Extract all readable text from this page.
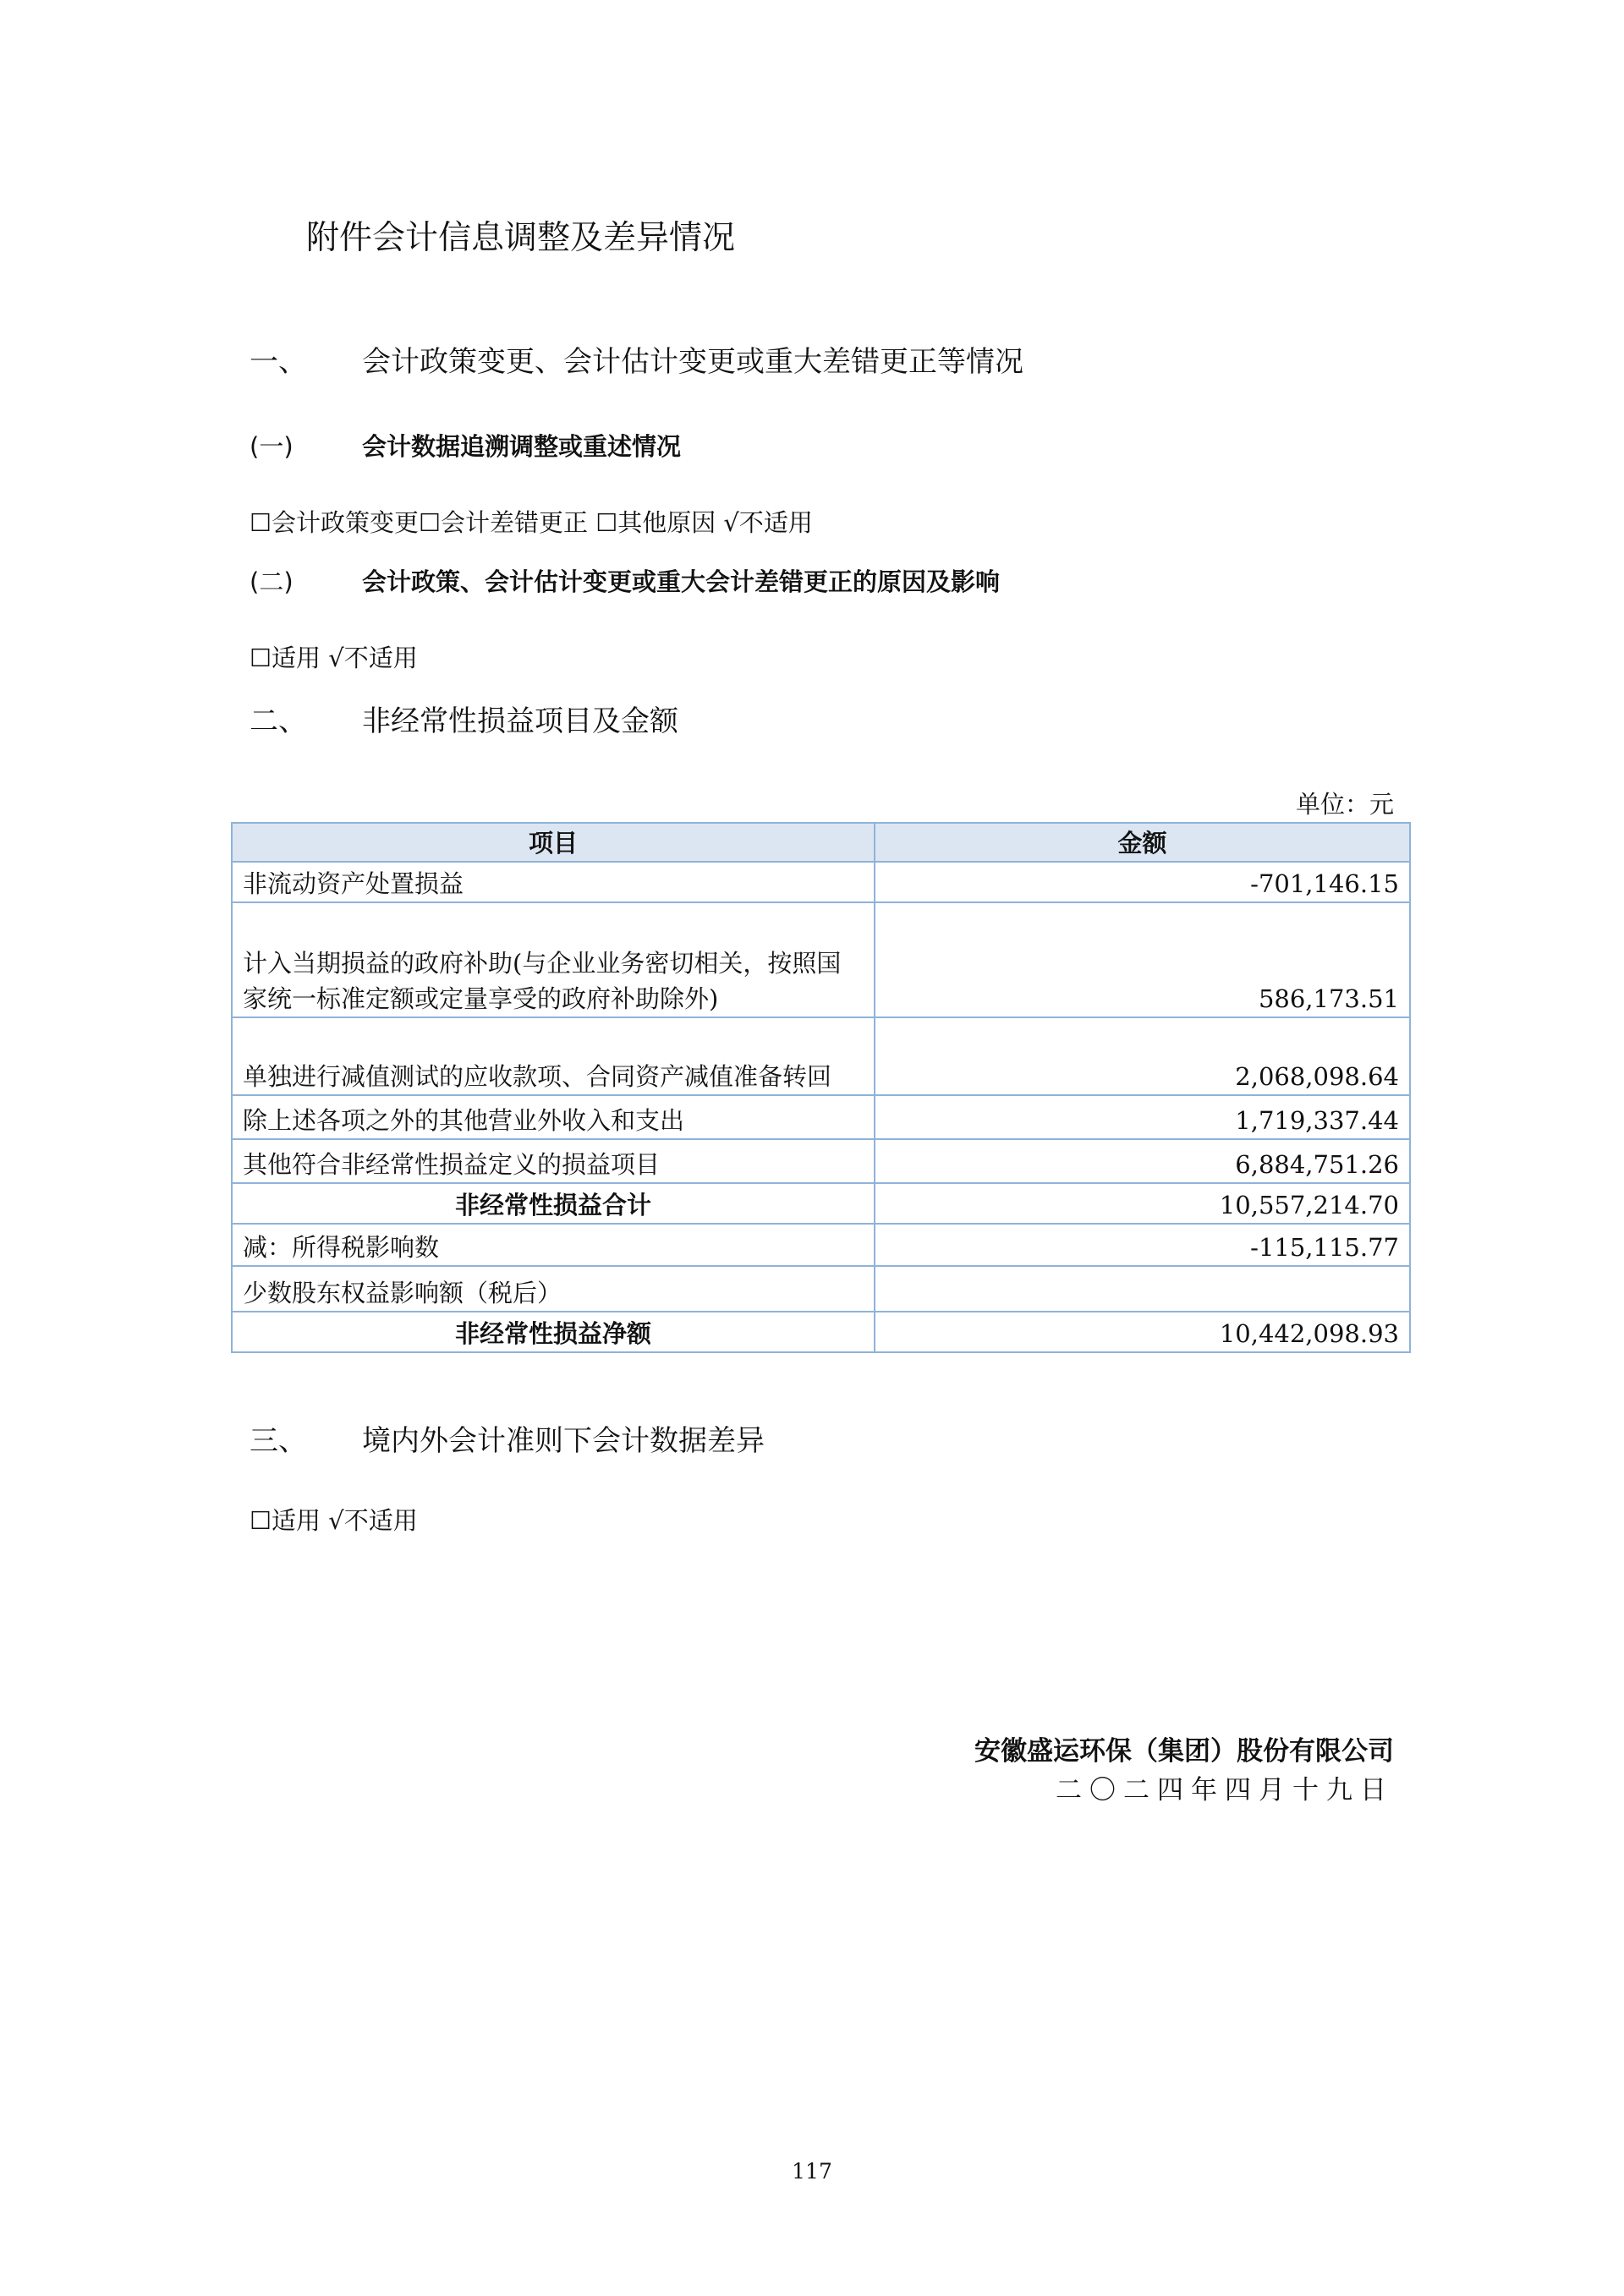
附件会计信息调整及差异情况
一、 会计政策变更、会计估计变更或重大差错更正等情况
(一)	会计数据追溯调整或重述情况
☐会计政策变更☐会计差错更正 ☐其他原因 √不适用
(二)	会计政策、会计估计变更或重大会计差错更正的原因及影响
☐适用 √不适用
二、 非经常性损益项目及金额
单位：元
项目	金额
非流动资产处置损益	-701,146.15
计入当期损益的政府补助(与企业业务密切相关，按照国家统一标准定额或定量享受的政府补助除外)	586,173.51
单独进行减值测试的应收款项、合同资产减值准备转回	2,068,098.64
除上述各项之外的其他营业外收入和支出	1,719,337.44
其他符合非经常性损益定义的损益项目	6,884,751.26
非经常性损益合计	10,557,214.70
减：所得税影响数	-115,115.77
少数股东权益影响额（税后）	
非经常性损益净额	10,442,098.93
三、 境内外会计准则下会计数据差异
☐适用 √不适用
安徽盛运环保（集团）股份有限公司
二〇二四年四月十九日
117
